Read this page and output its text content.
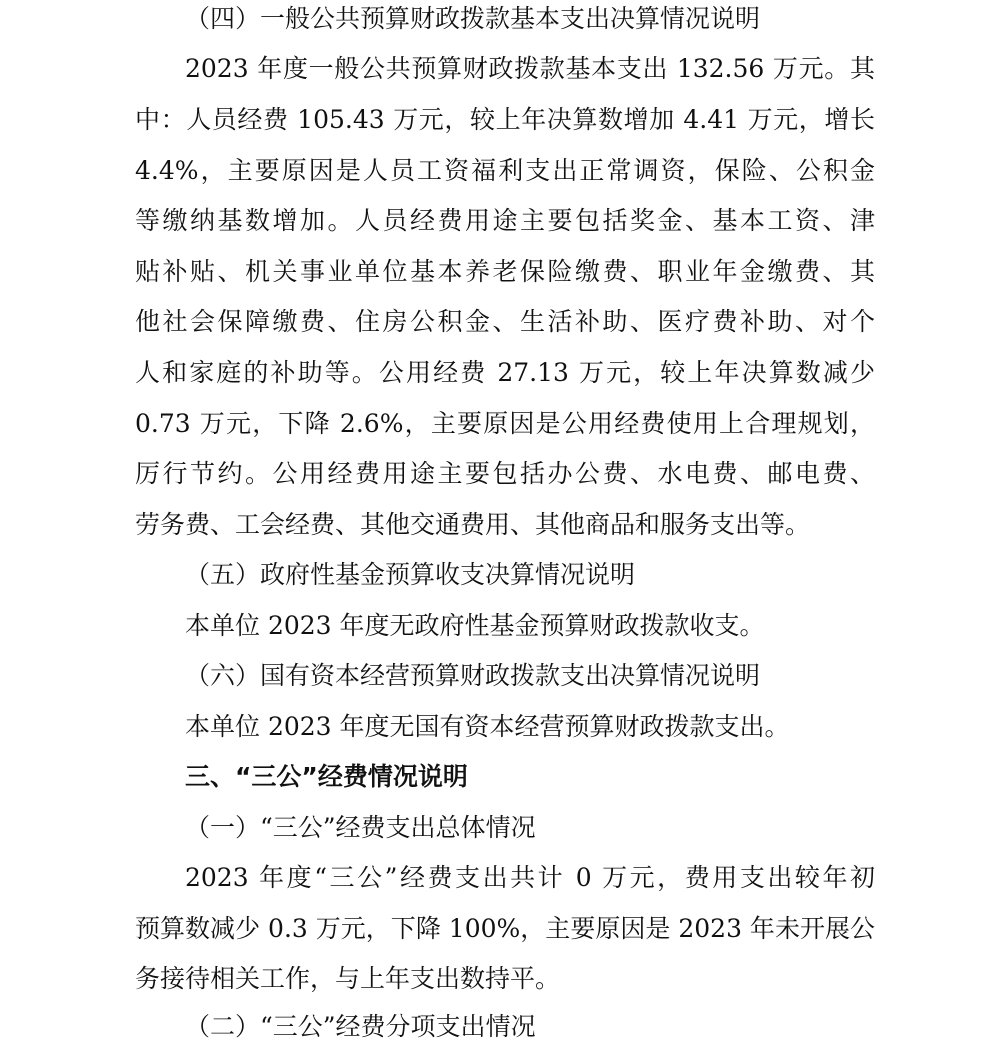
（四）一般公共预算财政拨款基本支出决算情况说明
2023 年度一般公共预算财政拨款基本支出 132.56 万元。其
中：人员经费 105.43 万元，较上年决算数增加 4.41 万元，增长
4.4%，主要原因是人员工资福利支出正常调资，保险、公积金
等缴纳基数增加。人员经费用途主要包括奖金、基本工资、津
贴补贴、机关事业单位基本养老保险缴费、职业年金缴费、其
他社会保障缴费、住房公积金、生活补助、医疗费补助、对个
人和家庭的补助等。公用经费 27.13 万元，较上年决算数减少
0.73 万元，下降 2.6%，主要原因是公用经费使用上合理规划，
厉行节约。公用经费用途主要包括办公费、水电费、邮电费、
劳务费、工会经费、其他交通费用、其他商品和服务支出等。
（五）政府性基金预算收支决算情况说明
本单位 2023 年度无政府性基金预算财政拨款收支。
（六）国有资本经营预算财政拨款支出决算情况说明
本单位 2023 年度无国有资本经营预算财政拨款支出。
三、“三公”经费情况说明
（一）“三公”经费支出总体情况
2023 年度“三公”经费支出共计 0 万元，费用支出较年初
预算数减少 0.3 万元，下降 100%，主要原因是 2023 年未开展公
务接待相关工作，与上年支出数持平。
（二）“三公”经费分项支出情况
